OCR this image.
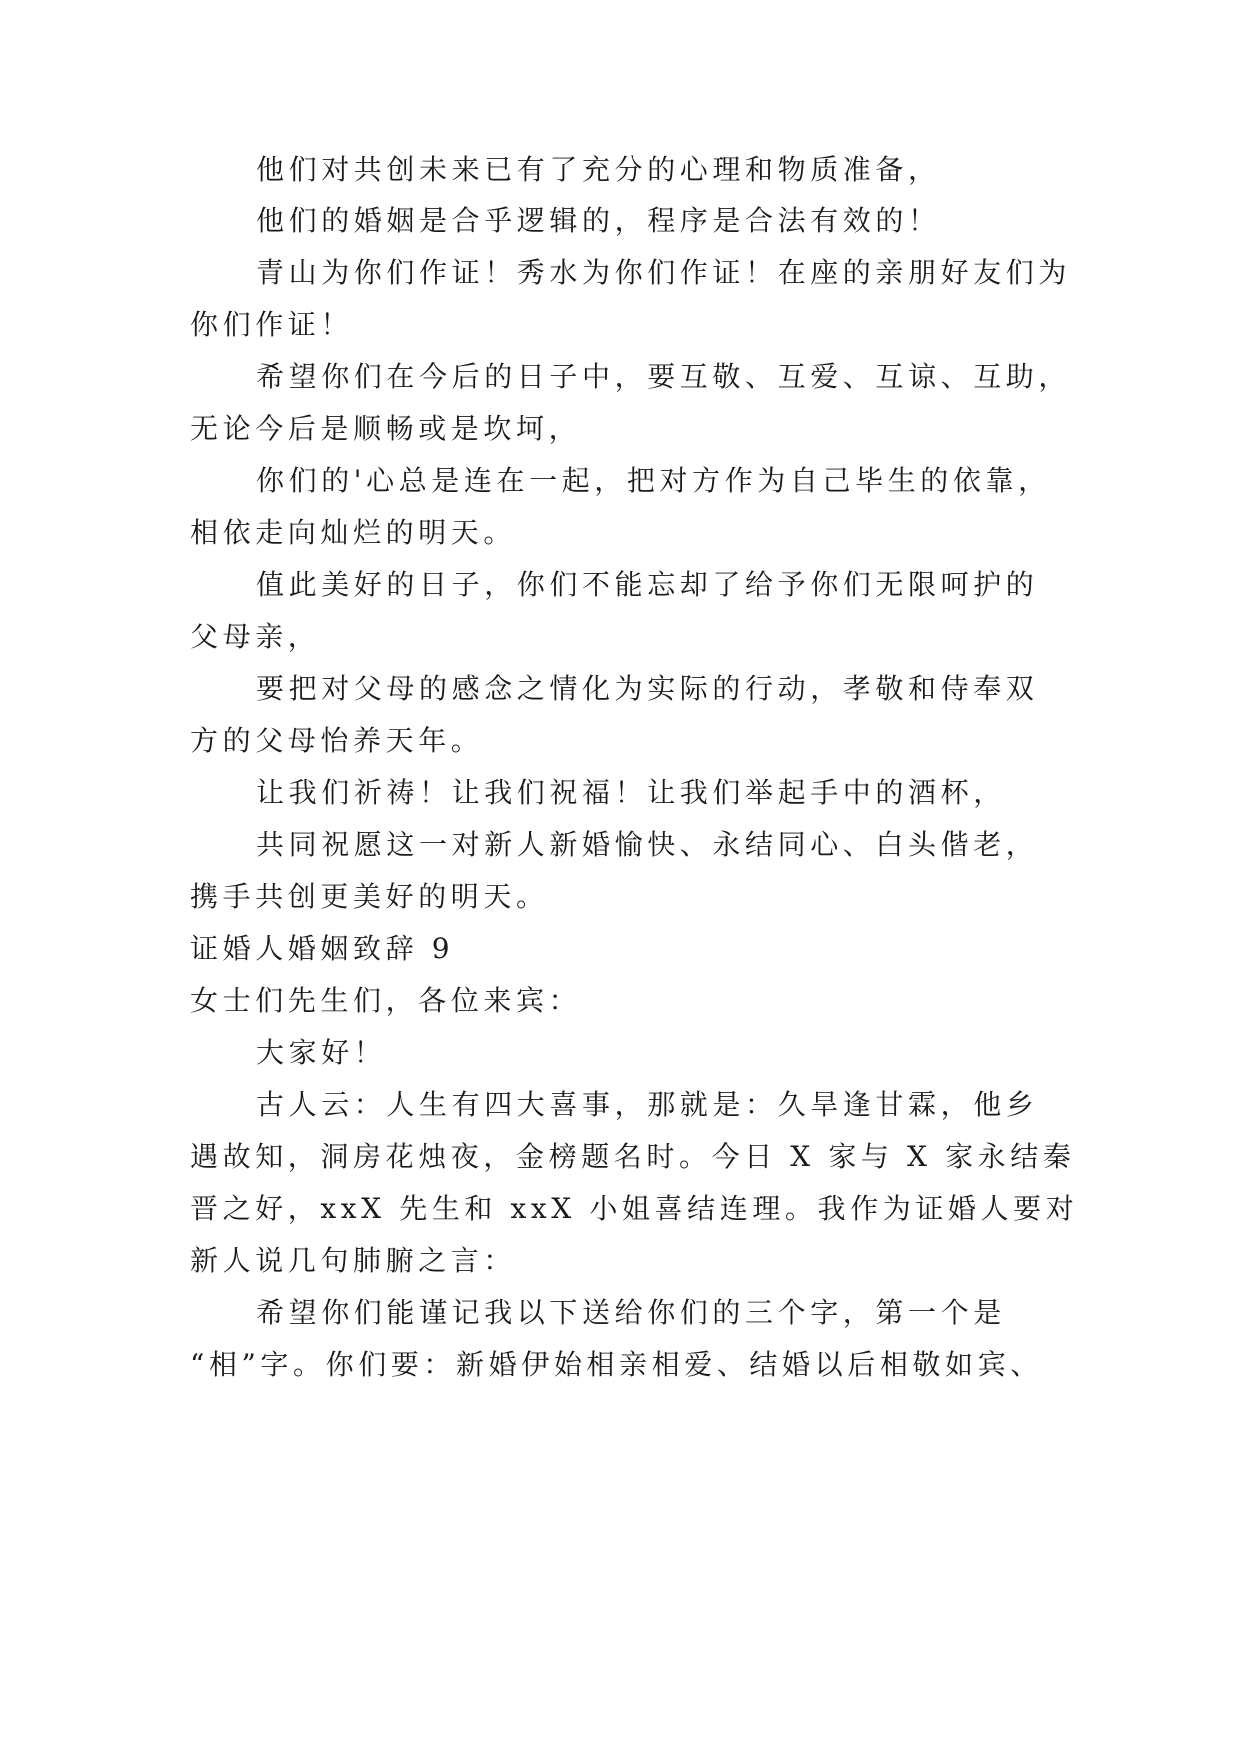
他们对共创未来已有了充分的心理和物质准备，
他们的婚姻是合乎逻辑的，程序是合法有效的！
青山为你们作证！秀水为你们作证！在座的亲朋好友们为
你们作证！
希望你们在今后的日子中，要互敬、互爱、互谅、互助，
无论今后是顺畅或是坎坷，
你们的'心总是连在一起，把对方作为自己毕生的依靠，
相依走向灿烂的明天。
值此美好的日子，你们不能忘却了给予你们无限呵护的
父母亲，
要把对父母的感念之情化为实际的行动，孝敬和侍奉双
方的父母怡养天年。
让我们祈祷！让我们祝福！让我们举起手中的酒杯，
共同祝愿这一对新人新婚愉快、永结同心、白头偕老，
携手共创更美好的明天。
证婚人婚姻致辞 9
女士们先生们，各位来宾：
大家好！
古人云：人生有四大喜事，那就是：久旱逢甘霖，他乡
遇故知，洞房花烛夜，金榜题名时。今日 X 家与 X 家永结秦
晋之好，xxX 先生和 xxX 小姐喜结连理。我作为证婚人要对
新人说几句肺腑之言：
希望你们能谨记我以下送给你们的三个字，第一个是
“相”字。你们要：新婚伊始相亲相爱、结婚以后相敬如宾、
